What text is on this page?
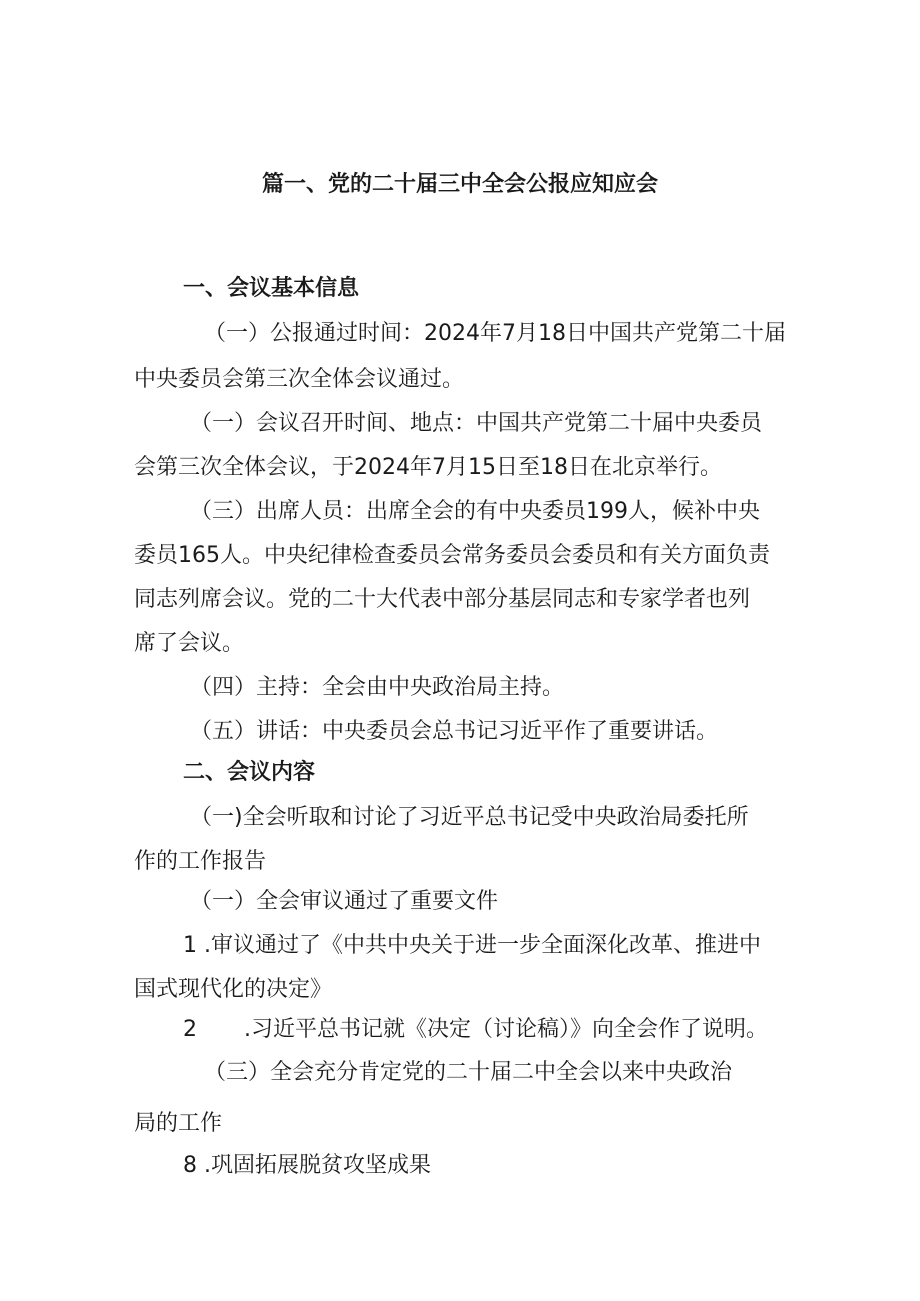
篇一、党的二十届三中全会公报应知应会
一、会议基本信息
（一）公报通过时间：2024年7月18日中国共产党第二十届
中央委员会第三次全体会议通过。
（一）会议召开时间、地点：中国共产党第二十届中央委员
会第三次全体会议，于2024年7月15日至18日在北京举行。
（三）出席人员：出席全会的有中央委员199人，候补中央
委员165人。中央纪律检查委员会常务委员会委员和有关方面负责
同志列席会议。党的二十大代表中部分基层同志和专家学者也列
席了会议。
（四）主持：全会由中央政治局主持。
（五）讲话：中央委员会总书记习近平作了重要讲话。
二、会议内容
（一)全会听取和讨论了习近平总书记受中央政治局委托所
作的工作报告
（一）全会审议通过了重要文件
1 .审议通过了《中共中央关于进一步全面深化改革、推进中
国式现代化的决定》
2 .习近平总书记就《决定（讨论稿）》向全会作了说明。
（三）全会充分肯定党的二十届二中全会以来中央政治
局的工作
8 .巩固拓展脱贫攻坚成果
